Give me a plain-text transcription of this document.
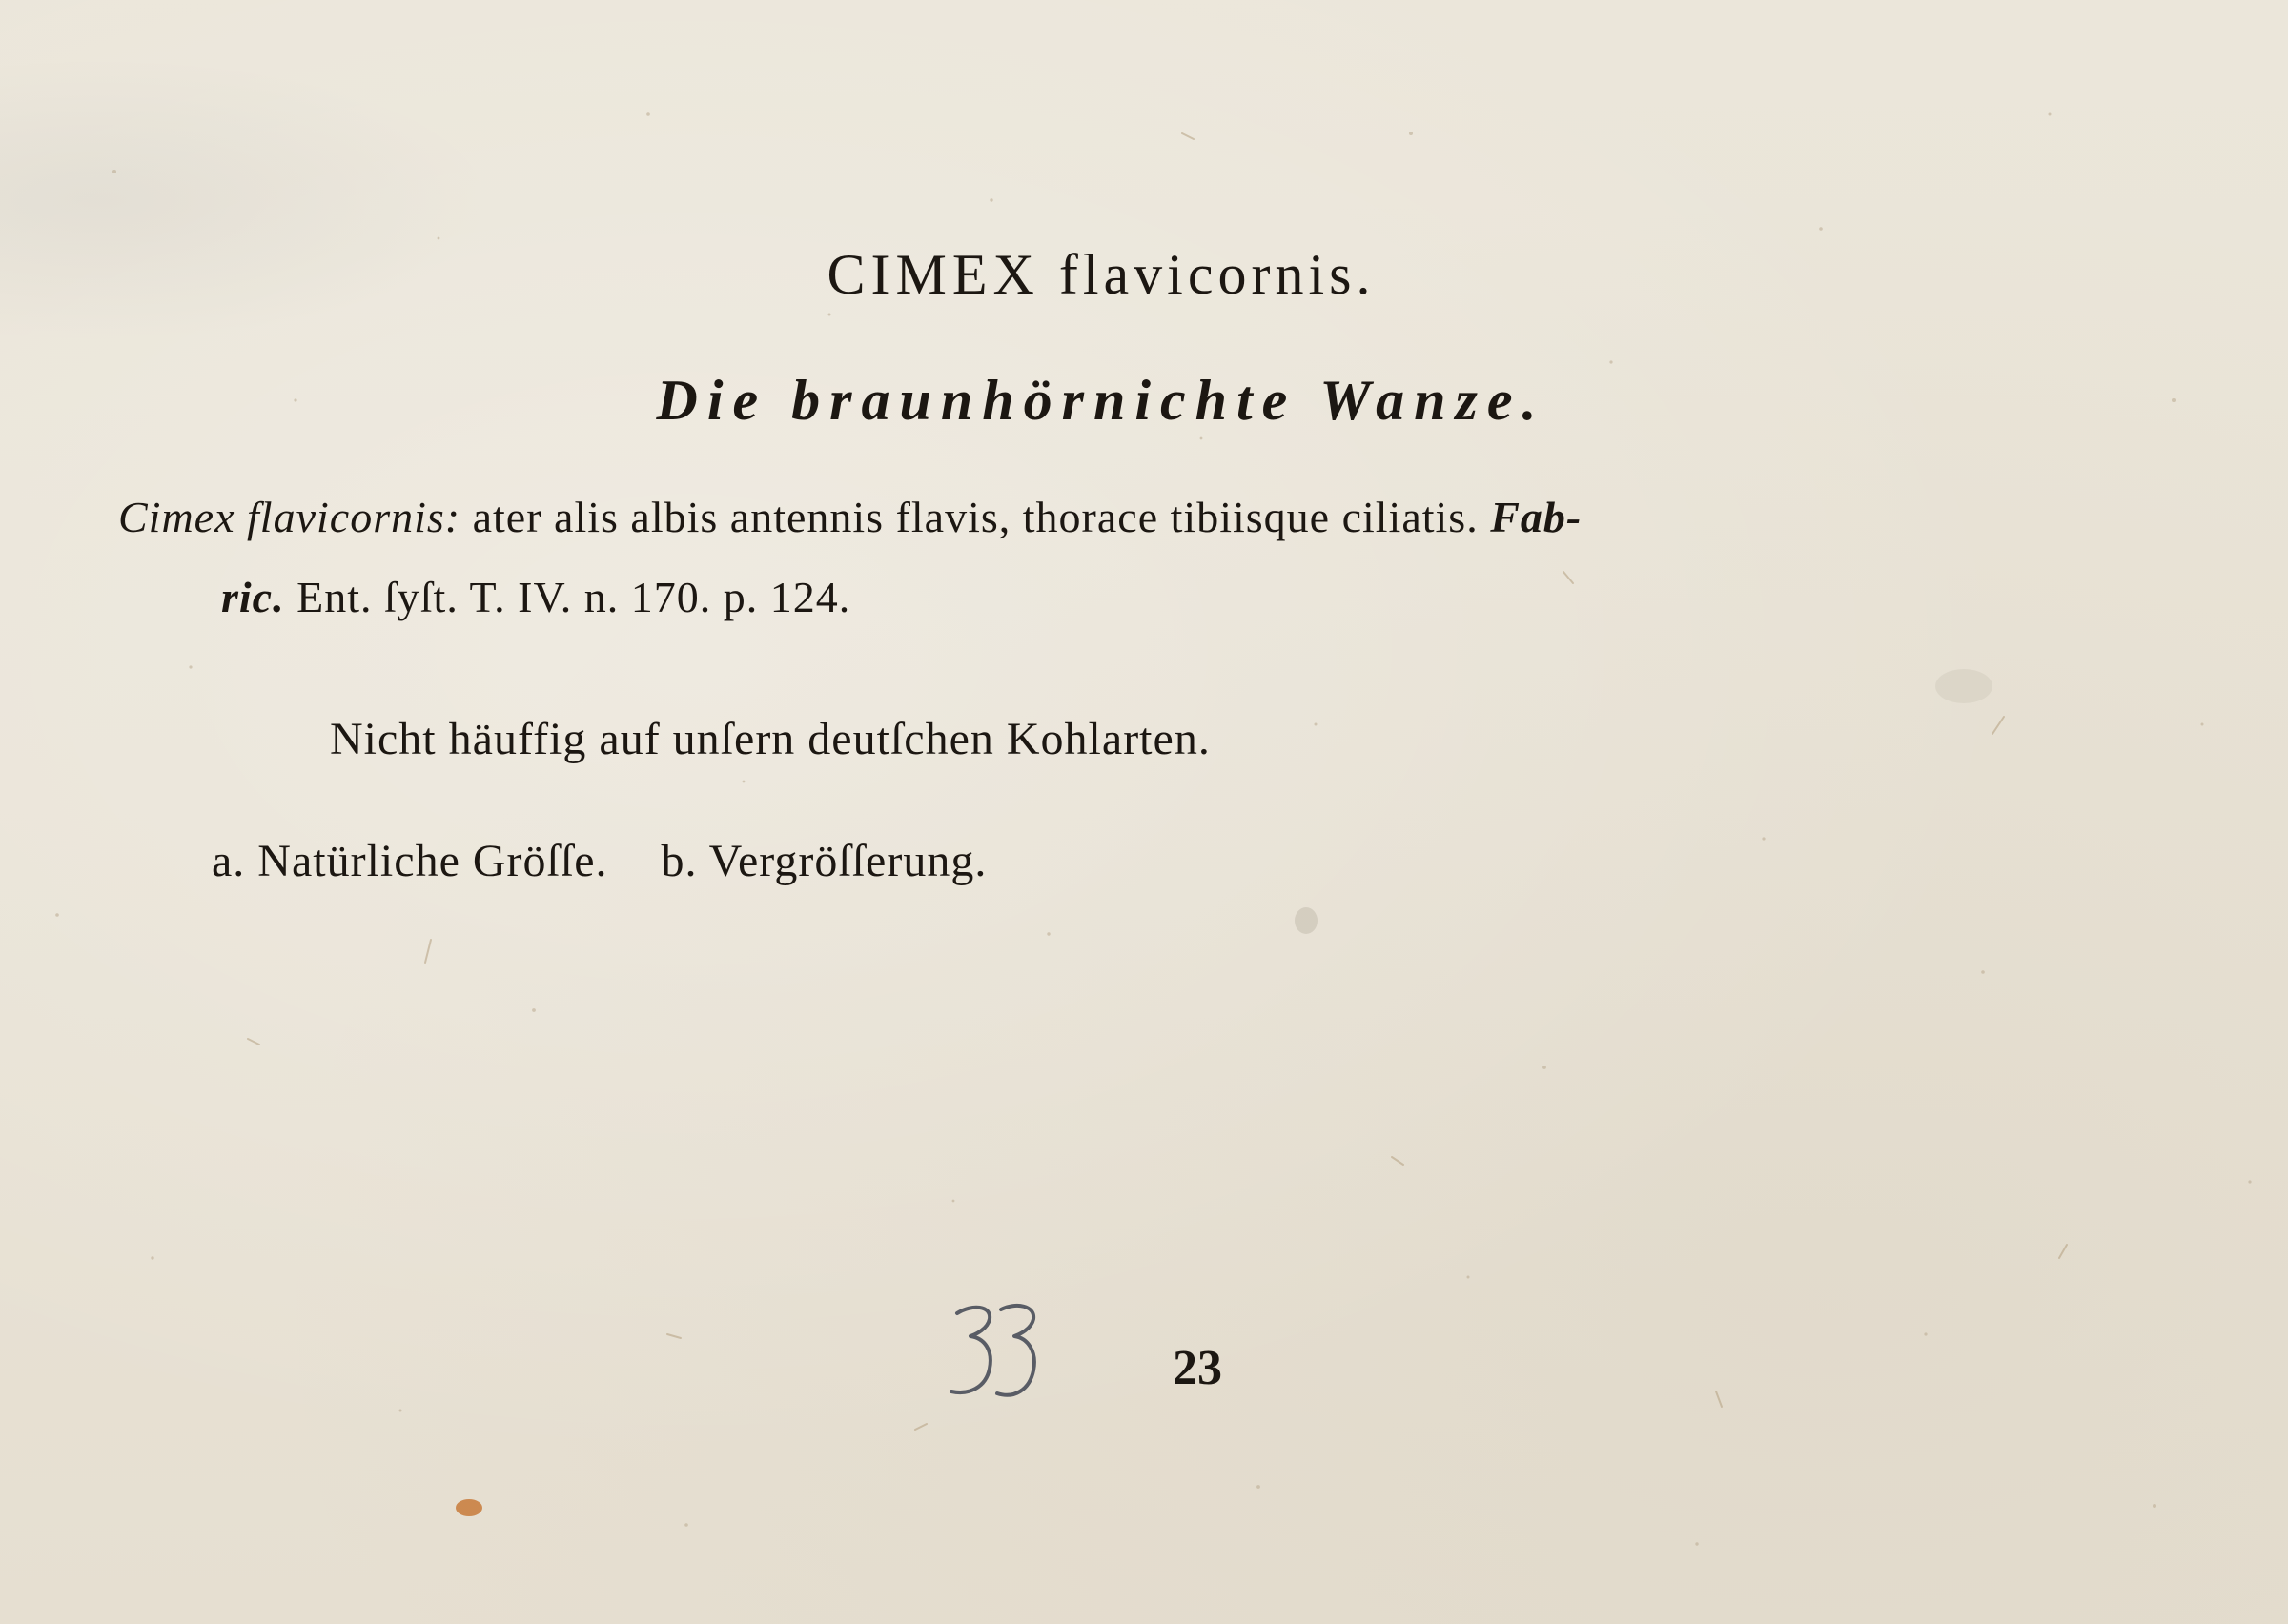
CIMEX flavicornis.
Die braunhörnichte Wanze.
Cimex flavicornis: ater alis albis antennis flavis, thorace tibiisque ciliatis. Fab-
ric. Ent. ſyſt. T. IV. n. 170. p. 124.
Nicht häuffig auf unſern deutſchen Kohlarten.
a. Natürliche Gröſſe. b. Vergröſſerung.
23
